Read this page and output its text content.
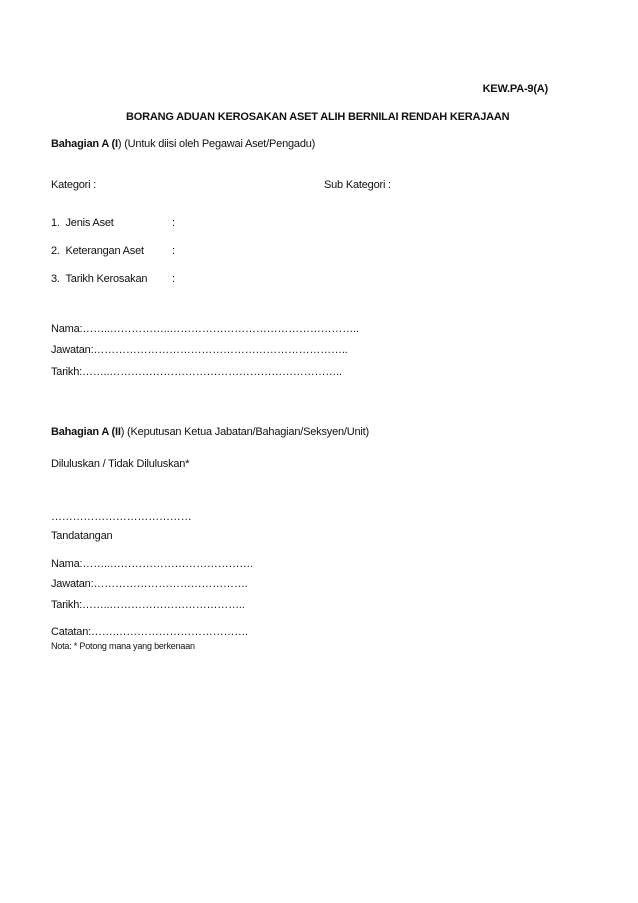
KEW.PA-9(A)
BORANG ADUAN KEROSAKAN ASET ALIH BERNILAI RENDAH KERAJAAN
Bahagian A (I) (Untuk diisi oleh Pegawai Aset/Pengadu)
Kategori :	Sub Kategori :
1. Jenis Aset	:
2. Keterangan Aset	:
3. Tarikh Kerosakan :
Nama:……..……………..……………………………………………..
Jawatan:……………………………………………………………..
Tarikh:……..………………………………………………………..
Bahagian A (II) (Keputusan Ketua Jabatan/Bahagian/Seksyen/Unit)
Diluluskan / Tidak Diluluskan*
…………………………………
Tandatangan
Nama:……..………………………………….
Jawatan:…………………………………….
Tarikh:……..………………………………..
Catatan:…….……………………………….
Nota: * Potong mana yang berkenaan
